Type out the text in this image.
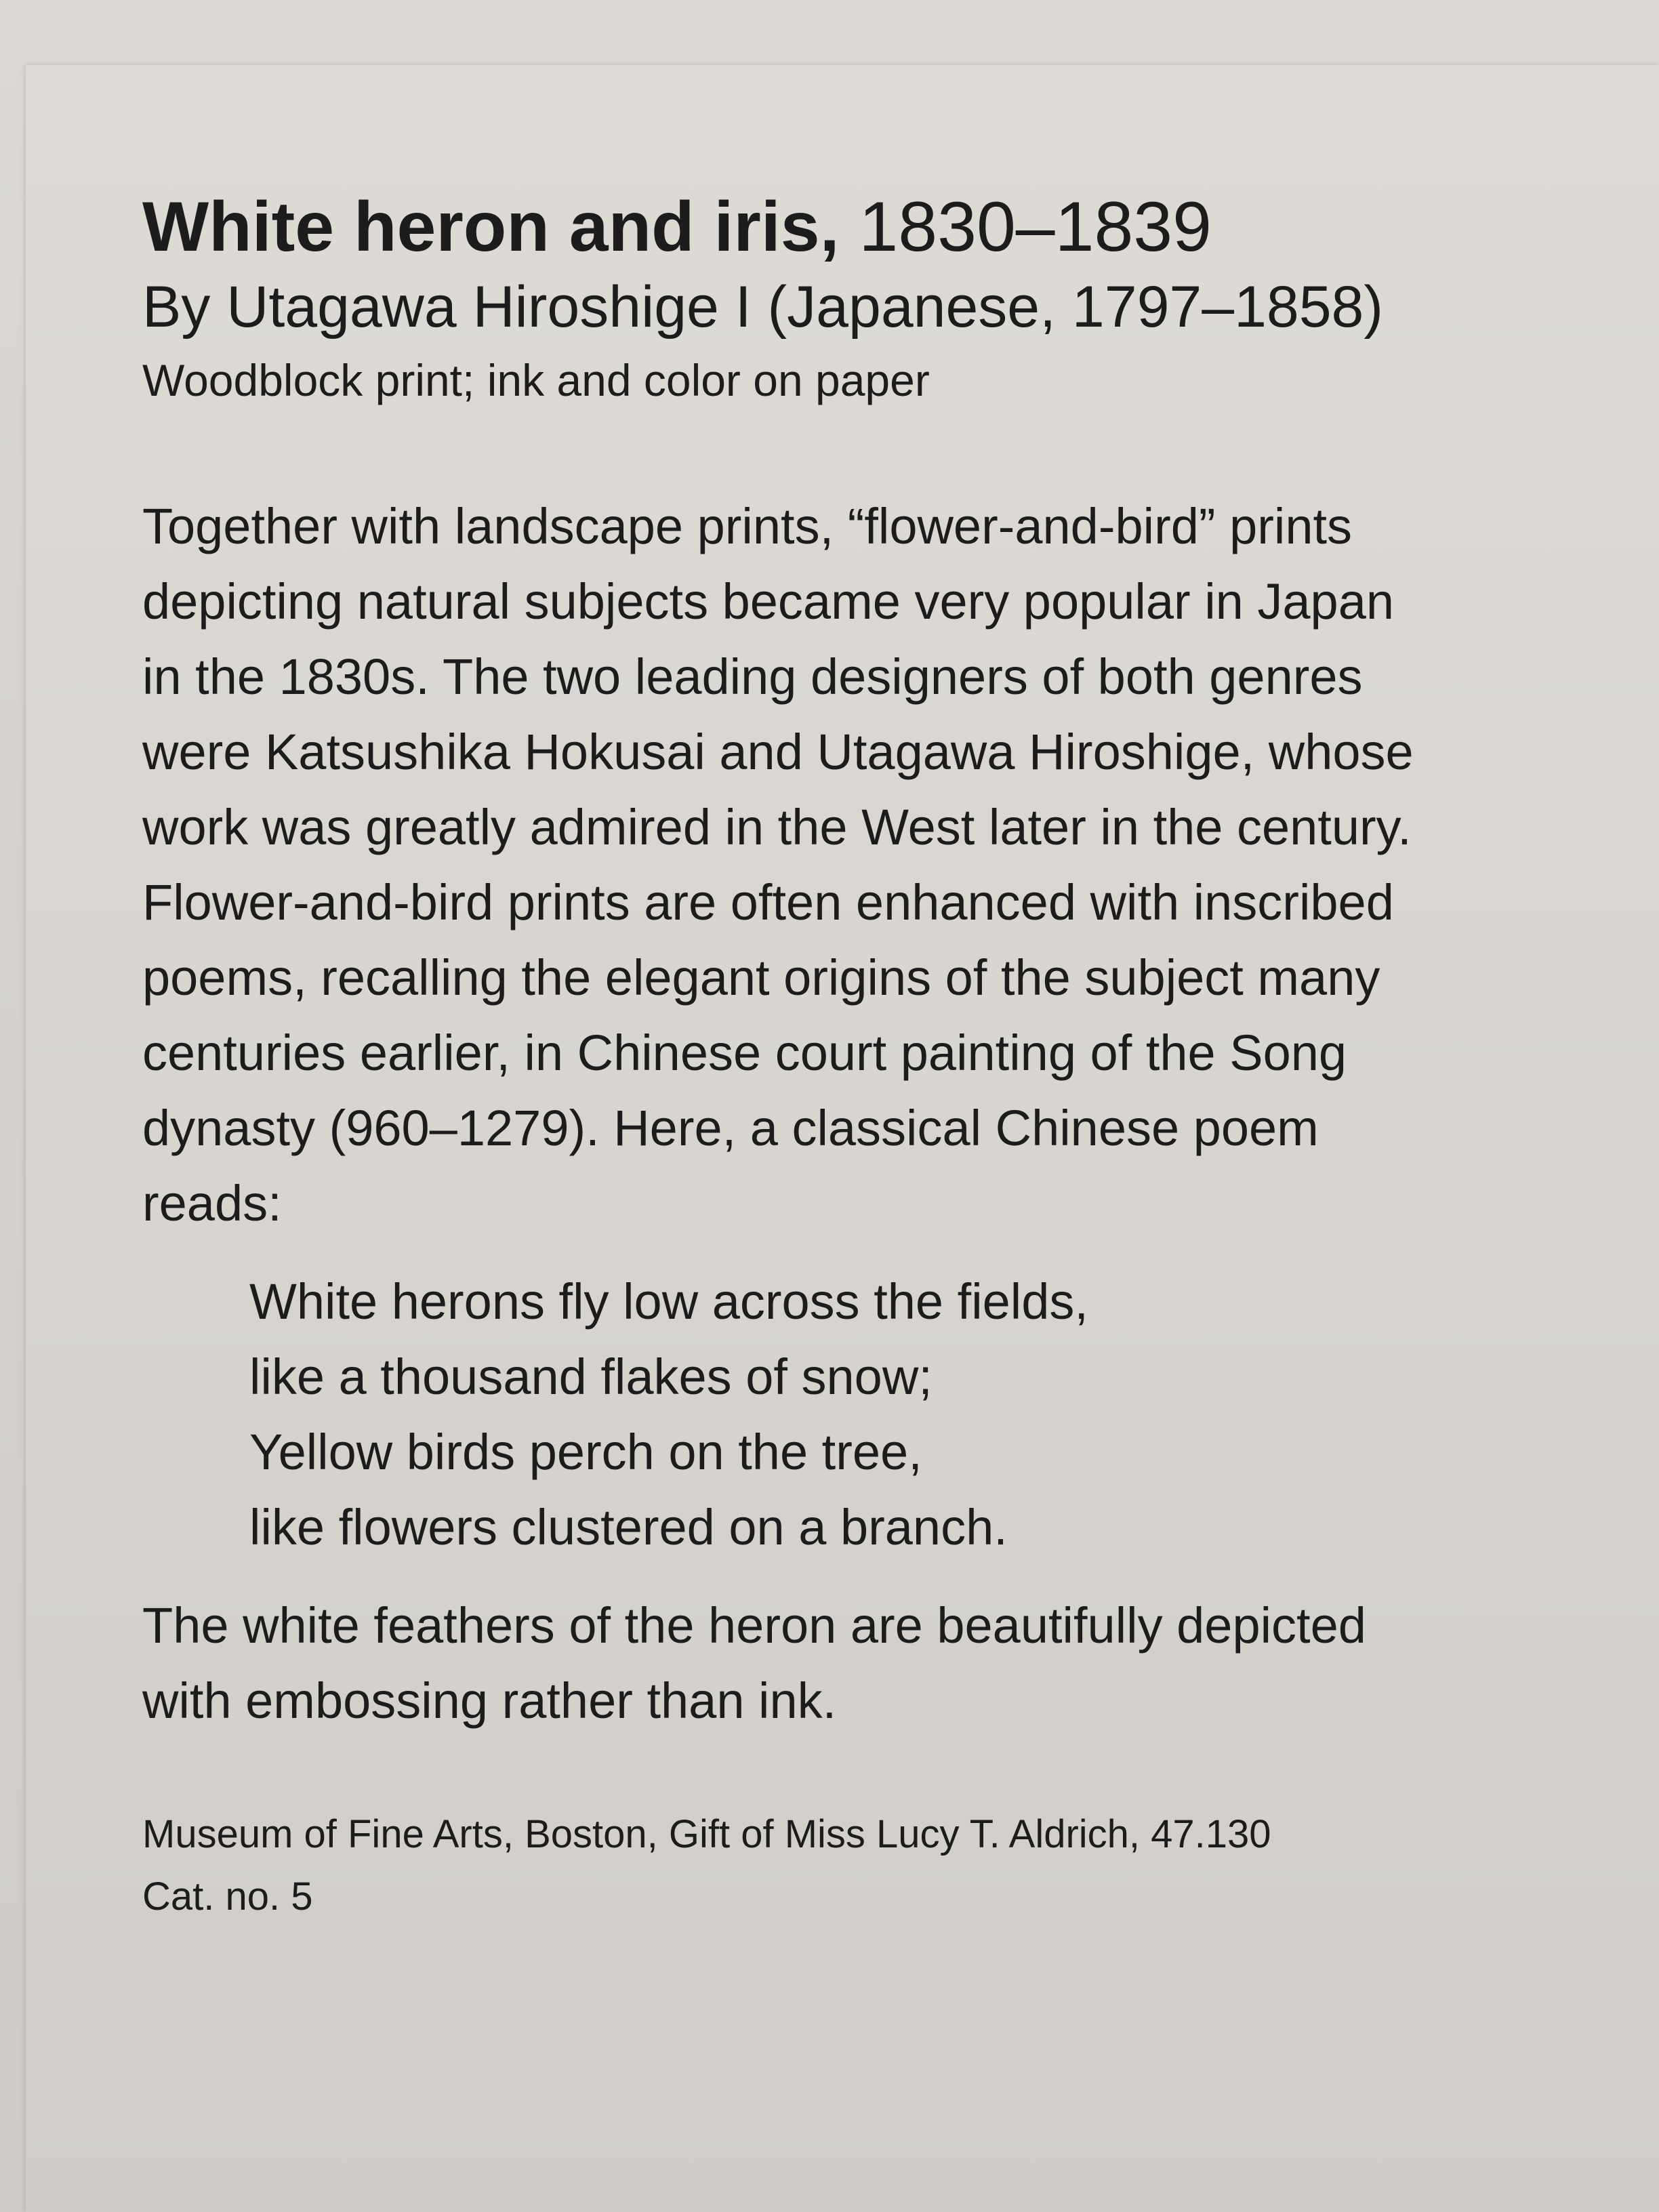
White heron and iris, 1830–1839

By Utagawa Hiroshige I (Japanese, 1797–1858)

Woodblock print; ink and color on paper

Together with landscape prints, “flower-and-bird” prints
depicting natural subjects became very popular in Japan
in the 1830s. The two leading designers of both genres
were Katsushika Hokusai and Utagawa Hiroshige, whose
work was greatly admired in the West later in the century.
Flower-and-bird prints are often enhanced with inscribed
poems, recalling the elegant origins of the subject many
centuries earlier, in Chinese court painting of the Song
dynasty (960–1279). Here, a classical Chinese poem
reads:

White herons fly low across the fields,
like a thousand flakes of snow;
Yellow birds perch on the tree,
like flowers clustered on a branch.

The white feathers of the heron are beautifully depicted
with embossing rather than ink.

Museum of Fine Arts, Boston, Gift of Miss Lucy T. Aldrich, 47.130
Cat. no. 5
